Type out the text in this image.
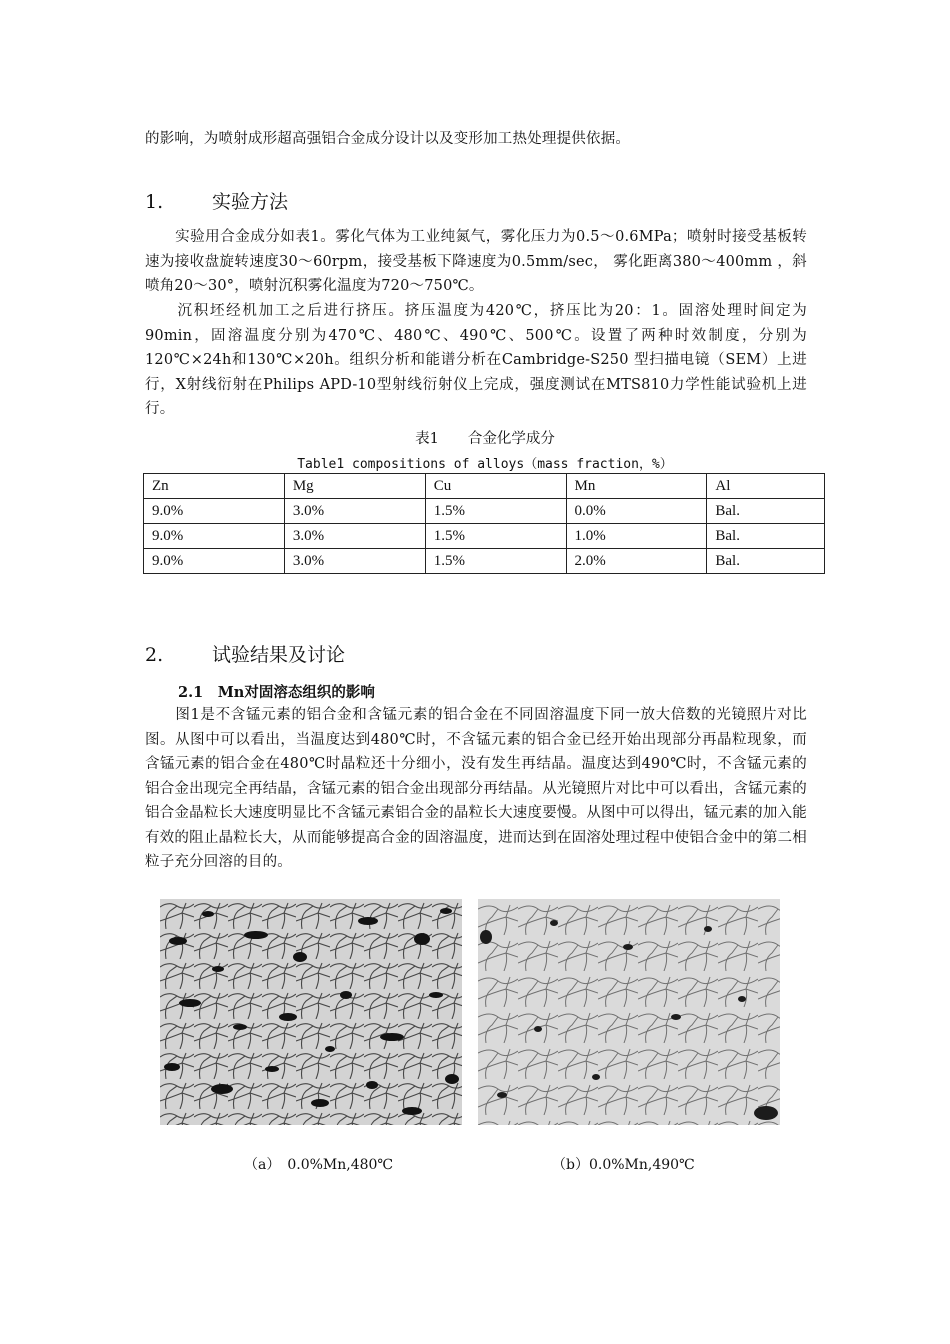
的影响，为喷射成形超高强铝合金成分设计以及变形加工热处理提供依据。

1.	实验方法

　　实验用合金成分如表1。雾化气体为工业纯氮气，雾化压力为0.5～0.6MPa；喷射时接受基板转速为接收盘旋转速度30～60rpm，接受基板下降速度为0.5mm/sec， 雾化距离380～400mm ，斜喷角20～30°，喷射沉积雾化温度为720～750℃。

　　沉积坯经机加工之后进行挤压。挤压温度为420℃，挤压比为20：1。固溶处理时间定为90min，固溶温度分别为470℃、480℃、490℃、500℃。设置了两种时效制度，分别为120℃×24h和130℃×20h。组织分析和能谱分析在Cambridge-S250 型扫描电镜（SEM）上进行，X射线衍射在Philips APD-10型射线衍射仪上完成，强度测试在MTS810力学性能试验机上进行。

表1　　合金化学成分

Table1 compositions of alloys（mass fraction，%）

Zn	Mg	Cu	Mn	Al
9.0%	3.0%	1.5%	0.0%	Bal.
9.0%	3.0%	1.5%	1.0%	Bal.
9.0%	3.0%	1.5%	2.0%	Bal.
2.	试验结果及讨论
2.1　Mn对固溶态组织的影响

　　图1是不含锰元素的铝合金和含锰元素的铝合金在不同固溶温度下同一放大倍数的光镜照片对比图。从图中可以看出，当温度达到480℃时，不含锰元素的铝合金已经开始出现部分再晶粒现象，而含锰元素的铝合金在480℃时晶粒还十分细小，没有发生再结晶。温度达到490℃时，不含锰元素的铝合金出现完全再结晶，含锰元素的铝合金出现部分再结晶。从光镜照片对比中可以看出，含锰元素的铝合金晶粒长大速度明显比不含锰元素铝合金的晶粒长大速度要慢。从图中可以得出，锰元素的加入能有效的阻止晶粒长大，从而能够提高合金的固溶温度，进而达到在固溶处理过程中使铝合金中的第二相粒子充分回溶的目的。

（a）　0.0%Mn,480℃	（b）0.0%Mn,490℃
